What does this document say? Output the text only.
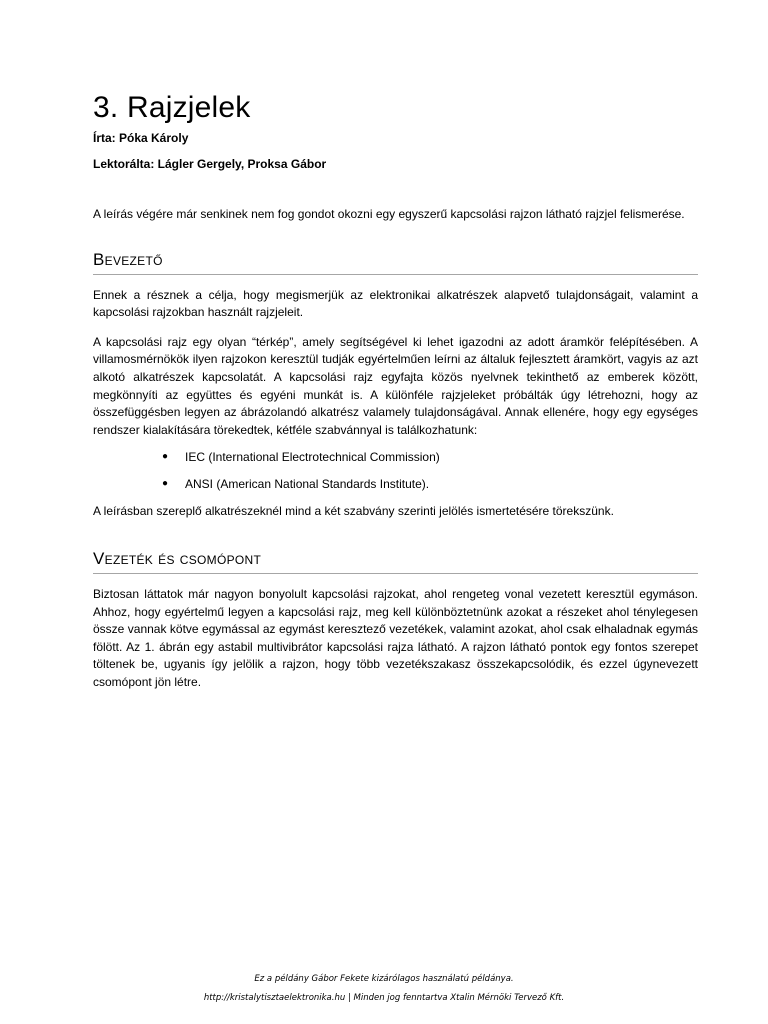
3. Rajzjelek

Írta: Póka Károly

Lektorálta: Lágler Gergely, Proksa Gábor

A leírás végére már senkinek nem fog gondot okozni egy egyszerű kapcsolási rajzon látható rajzjel felismerése.

Bevezető

Ennek a résznek a célja, hogy megismerjük az elektronikai alkatrészek alapvető tulajdonságait, valamint a kapcsolási rajzokban használt rajzjeleit.

A kapcsolási rajz egy olyan “térkép”, amely segítségével ki lehet igazodni az adott áramkör felépítésében. A villamosmérnökök ilyen rajzokon keresztül tudják egyértelműen leírni az általuk fejlesztett áramkört, vagyis az azt alkotó alkatrészek kapcsolatát. A kapcsolási rajz egyfajta közös nyelvnek tekinthető az emberek között, megkönnyíti az együttes és egyéni munkát is. A különféle rajzjeleket próbálták úgy létrehozni, hogy az összefüggésben legyen az ábrázolandó alkatrész valamely tulajdonságával. Annak ellenére, hogy egy egységes rendszer kialakítására törekedtek, kétféle szabvánnyal is találkozhatunk:

● IEC (International Electrotechnical Commission)
● ANSI (American National Standards Institute).

A leírásban szereplő alkatrészeknél mind a két szabvány szerinti jelölés ismertetésére törekszünk.

Vezeték és csomópont

Biztosan láttatok már nagyon bonyolult kapcsolási rajzokat, ahol rengeteg vonal vezetett keresztül egymáson. Ahhoz, hogy egyértelmű legyen a kapcsolási rajz, meg kell különböztetnünk azokat a részeket ahol ténylegesen össze vannak kötve egymással az egymást keresztező vezetékek, valamint azokat, ahol csak elhaladnak egymás fölött. Az 1. ábrán egy astabil multivibrátor kapcsolási rajza látható. A rajzon látható pontok egy fontos szerepet töltenek be, ugyanis így jelölik a rajzon, hogy több vezetékszakasz összekapcsolódik, és ezzel úgynevezett csomópont jön létre.

Ez a példány Gábor Fekete kizárólagos használatú példánya.
http://kristalytisztaelektronika.hu | Minden jog fenntartva Xtalin Mérnöki Tervező Kft.
